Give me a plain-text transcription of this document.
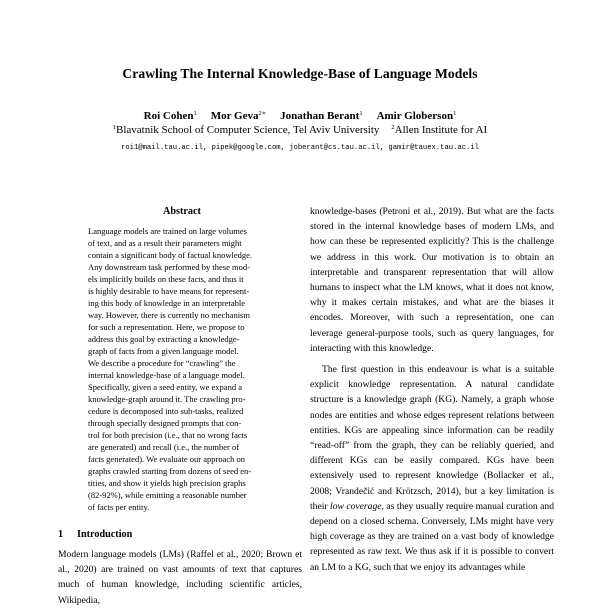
Crawling The Internal Knowledge-Base of Language Models
Roi Cohen$^1$ Mor Geva$^{2∗}$ Jonathan Berant$^1$ Amir Globerson$^1$
$^1$Blavatnik School of Computer Science, Tel Aviv University $^2$Allen Institute for AI
roi1@mail.tau.ac.il, pipek@google.com, joberant@cs.tau.ac.il, gamir@tauex.tau.ac.il
Abstract
Language models are trained on large volumes
of text, and as a result their parameters might
contain a significant body of factual knowledge.
Any downstream task performed by these mod-
els implicitly builds on these facts, and thus it
is highly desirable to have means for represent-
ing this body of knowledge in an interpretable
way. However, there is currently no mechanism
for such a representation. Here, we propose to
address this goal by extracting a knowledge-
graph of facts from a given language model.
We describe a procedure for “crawling” the
internal knowledge-base of a language model.
Specifically, given a seed entity, we expand a
knowledge-graph around it. The crawling pro-
cedure is decomposed into sub-tasks, realized
through specially designed prompts that con-
trol for both precision (i.e., that no wrong facts
are generated) and recall (i.e., the number of
facts generated). We evaluate our approach on
graphs crawled starting from dozens of seed en-
tities, and show it yields high precision graphs
(82-92%), while emitting a reasonable number
of facts per entity.
1 Introduction
Modern language models (LMs) (Raffel et al., 2020; Brown et al., 2020) are trained on vast amounts of text that captures much of human knowledge, including scientific articles, Wikipedia,

knowledge-bases (Petroni et al., 2019). But what are the facts stored in the internal knowledge bases of modern LMs, and how can these be represented explicitly? This is the challenge we address in this work. Our motivation is to obtain an interpretable and transparent representation that will allow humans to inspect what the LM knows, what it does not know, why it makes certain mistakes, and what are the biases it encodes. Moreover, with such a representation, one can leverage general-purpose tools, such as query languages, for interacting with this knowledge.

The first question in this endeavour is what is a suitable explicit knowledge representation. A natural candidate structure is a knowledge graph (KG). Namely, a graph whose nodes are entities and whose edges represent relations between entities. KGs are appealing since information can be readily “read-off” from the graph, they can be reliably queried, and different KGs can be easily compared. KGs have been extensively used to represent knowledge (Bollacker et al., 2008; Vrandečić and Krötzsch, 2014), but a key limitation is their low coverage, as they usually require manual curation and depend on a closed schema. Conversely, LMs might have very high coverage as they are trained on a vast body of knowledge represented as raw text. We thus ask if it is possible to convert an LM to a KG, such that we enjoy its advantages while
